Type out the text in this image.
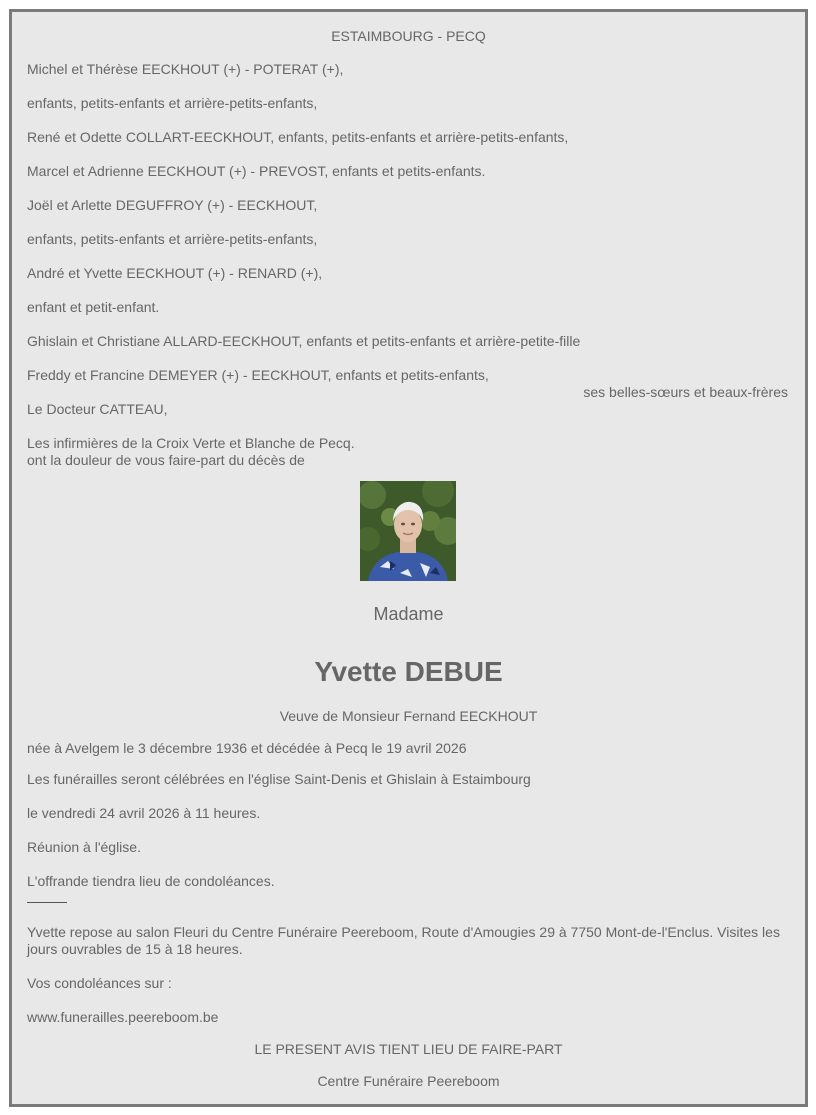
ESTAIMBOURG - PECQ
Michel et Thérèse EECKHOUT (+) - POTERAT (+),
enfants, petits-enfants et arrière-petits-enfants,
René et Odette COLLART-EECKHOUT, enfants, petits-enfants et arrière-petits-enfants,
Marcel et Adrienne EECKHOUT (+) - PREVOST, enfants et petits-enfants.
Joël et Arlette DEGUFFROY (+) - EECKHOUT,
enfants, petits-enfants et arrière-petits-enfants,
André et Yvette EECKHOUT (+) - RENARD (+),
enfant et petit-enfant.
Ghislain et Christiane ALLARD-EECKHOUT, enfants et petits-enfants et arrière-petite-fille
Freddy et Francine DEMEYER (+) - EECKHOUT, enfants et petits-enfants,
ses belles-sœurs et beaux-frères
Le Docteur CATTEAU,
Les infirmières de la Croix Verte et Blanche de Pecq.
ont la douleur de vous faire-part du décès de
Madame
Yvette DEBUE
Veuve de Monsieur Fernand EECKHOUT
née à Avelgem le 3 décembre 1936 et décédée à Pecq le 19 avril 2026
Les funérailles seront célébrées en l'église Saint-Denis et Ghislain à Estaimbourg
le vendredi 24 avril 2026 à 11 heures.
Réunion à l'église.
L'offrande tiendra lieu de condoléances.
Yvette repose au salon Fleuri du Centre Funéraire Peereboom, Route d'Amougies 29 à 7750 Mont-de-l'Enclus. Visites les jours ouvrables de 15 à 18 heures.
Vos condoléances sur :
www.funerailles.peereboom.be
LE PRESENT AVIS TIENT LIEU DE FAIRE-PART
Centre Funéraire Peereboom
